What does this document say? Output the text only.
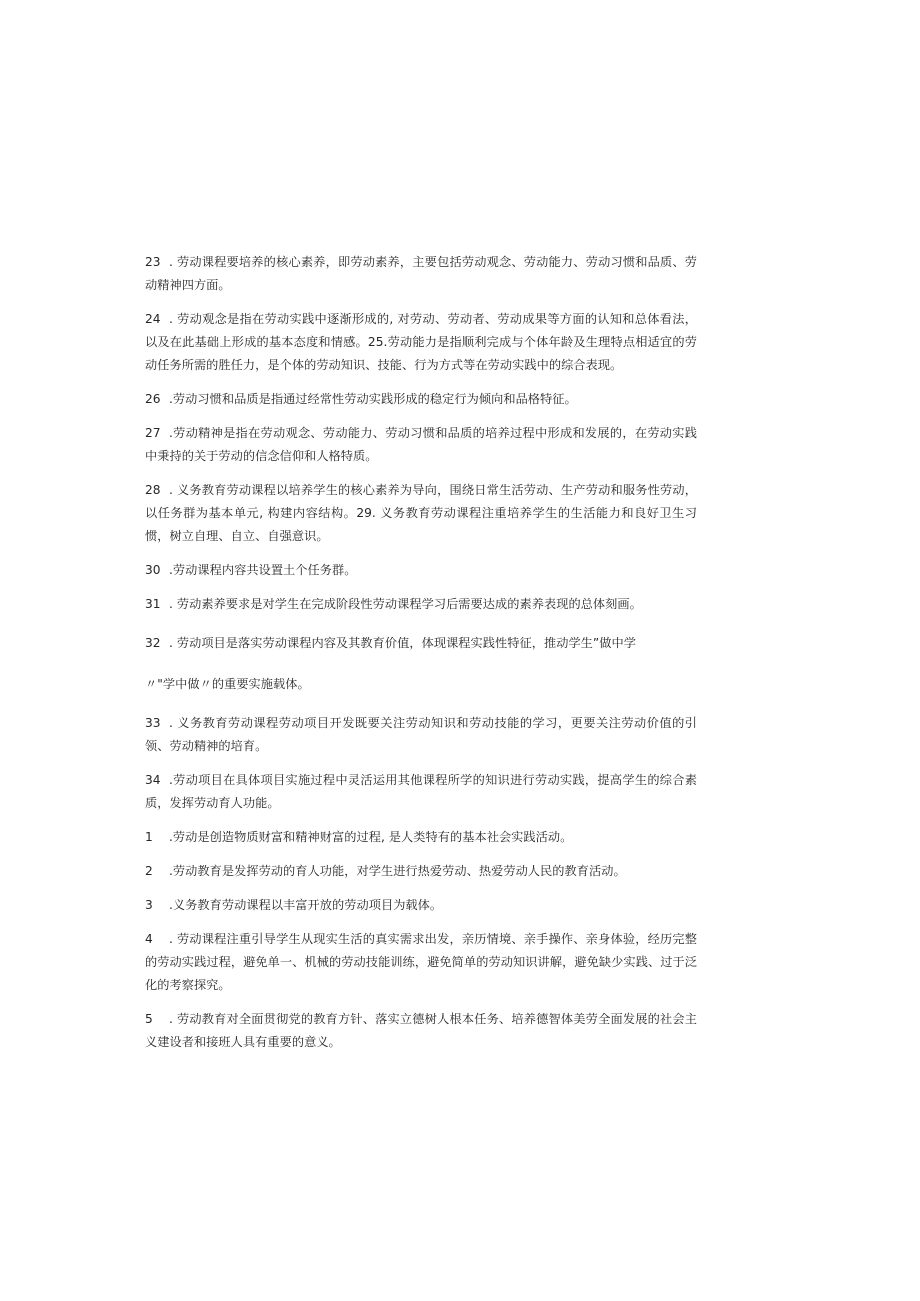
23 . 劳动课程要培养的核心素养，即劳动素养，主要包括劳动观念、劳动能力、劳动习惯和品质、劳动精神四方面。

24 . 劳动观念是指在劳动实践中逐渐形成的, 对劳动、劳动者、劳动成果等方面的认知和总体看法，以及在此基础上形成的基本态度和情感。25.劳动能力是指顺利完成与个体年龄及生理特点相适宜的劳动任务所需的胜任力，是个体的劳动知识、技能、行为方式等在劳动实践中的综合表现。

26 .劳动习惯和品质是指通过经常性劳动实践形成的稳定行为倾向和品格特征。

27 .劳动精神是指在劳动观念、劳动能力、劳动习惯和品质的培养过程中形成和发展的，在劳动实践中秉持的关于劳动的信念信仰和人格特质。

28 . 义务教育劳动课程以培养学生的核心素养为导向，围绕日常生活劳动、生产劳动和服务性劳动，以任务群为基本单元, 构建内容结构。29. 义务教育劳动课程注重培养学生的生活能力和良好卫生习惯，树立自理、自立、自强意识。

30 .劳动课程内容共设置土个任务群。

31 . 劳动素养要求是对学生在完成阶段性劳动课程学习后需要达成的素养表现的总体刻画。

32 . 劳动项目是落实劳动课程内容及其教育价值，体现课程实践性特征，推动学生”做中学

〃"学中做〃的重要实施载体。

33 . 义务教育劳动课程劳动项目开发既要关注劳动知识和劳动技能的学习，更要关注劳动价值的引领、劳动精神的培育。

34 .劳动项目在具体项目实施过程中灵活运用其他课程所学的知识进行劳动实践，提高学生的综合素质，发挥劳动育人功能。

1 .劳动是创造物质财富和精神财富的过程, 是人类特有的基本社会实践活动。

2 .劳动教育是发挥劳动的育人功能，对学生进行热爱劳动、热爱劳动人民的教育活动。

3 .义务教育劳动课程以丰富开放的劳动项目为载体。

4 . 劳动课程注重引导学生从现实生活的真实需求出发，亲历情境、亲手操作、亲身体验，经历完整的劳动实践过程，避免单一、机械的劳动技能训练，避免简单的劳动知识讲解，避免缺少实践、过于泛化的考察探究。

5 . 劳动教育对全面贯彻党的教育方针、落实立德树人根本任务、培养德智体美劳全面发展的社会主义建设者和接班人具有重要的意义。
